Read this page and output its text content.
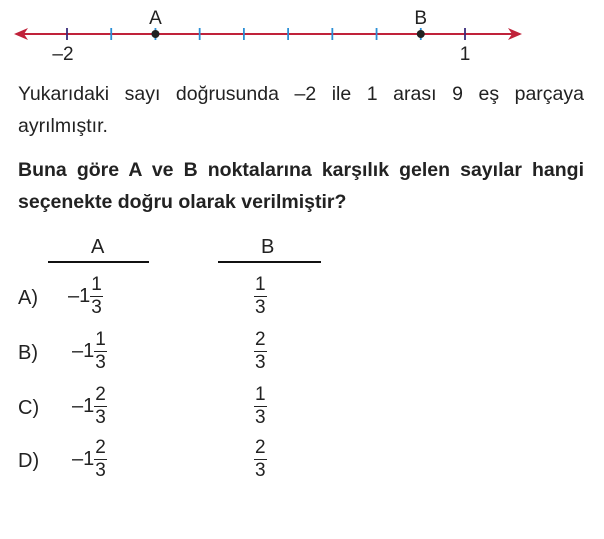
A	B
–2	1
Yukarıdaki sayı doğrusunda –2 ile 1 arası 9 eş parçaya ayrılmıştır.
Buna göre A ve B noktalarına karşılık gelen sayılar hangi seçenekte doğru olarak verilmiştir?
A	B
A) $-1 \frac{1}{3}$	$\frac{1}{3}$
B) $-1 \frac{1}{3}$	$\frac{2}{3}$
C) $-1 \frac{2}{3}$	$\frac{1}{3}$
D) $-1 \frac{2}{3}$	$\frac{2}{3}$
